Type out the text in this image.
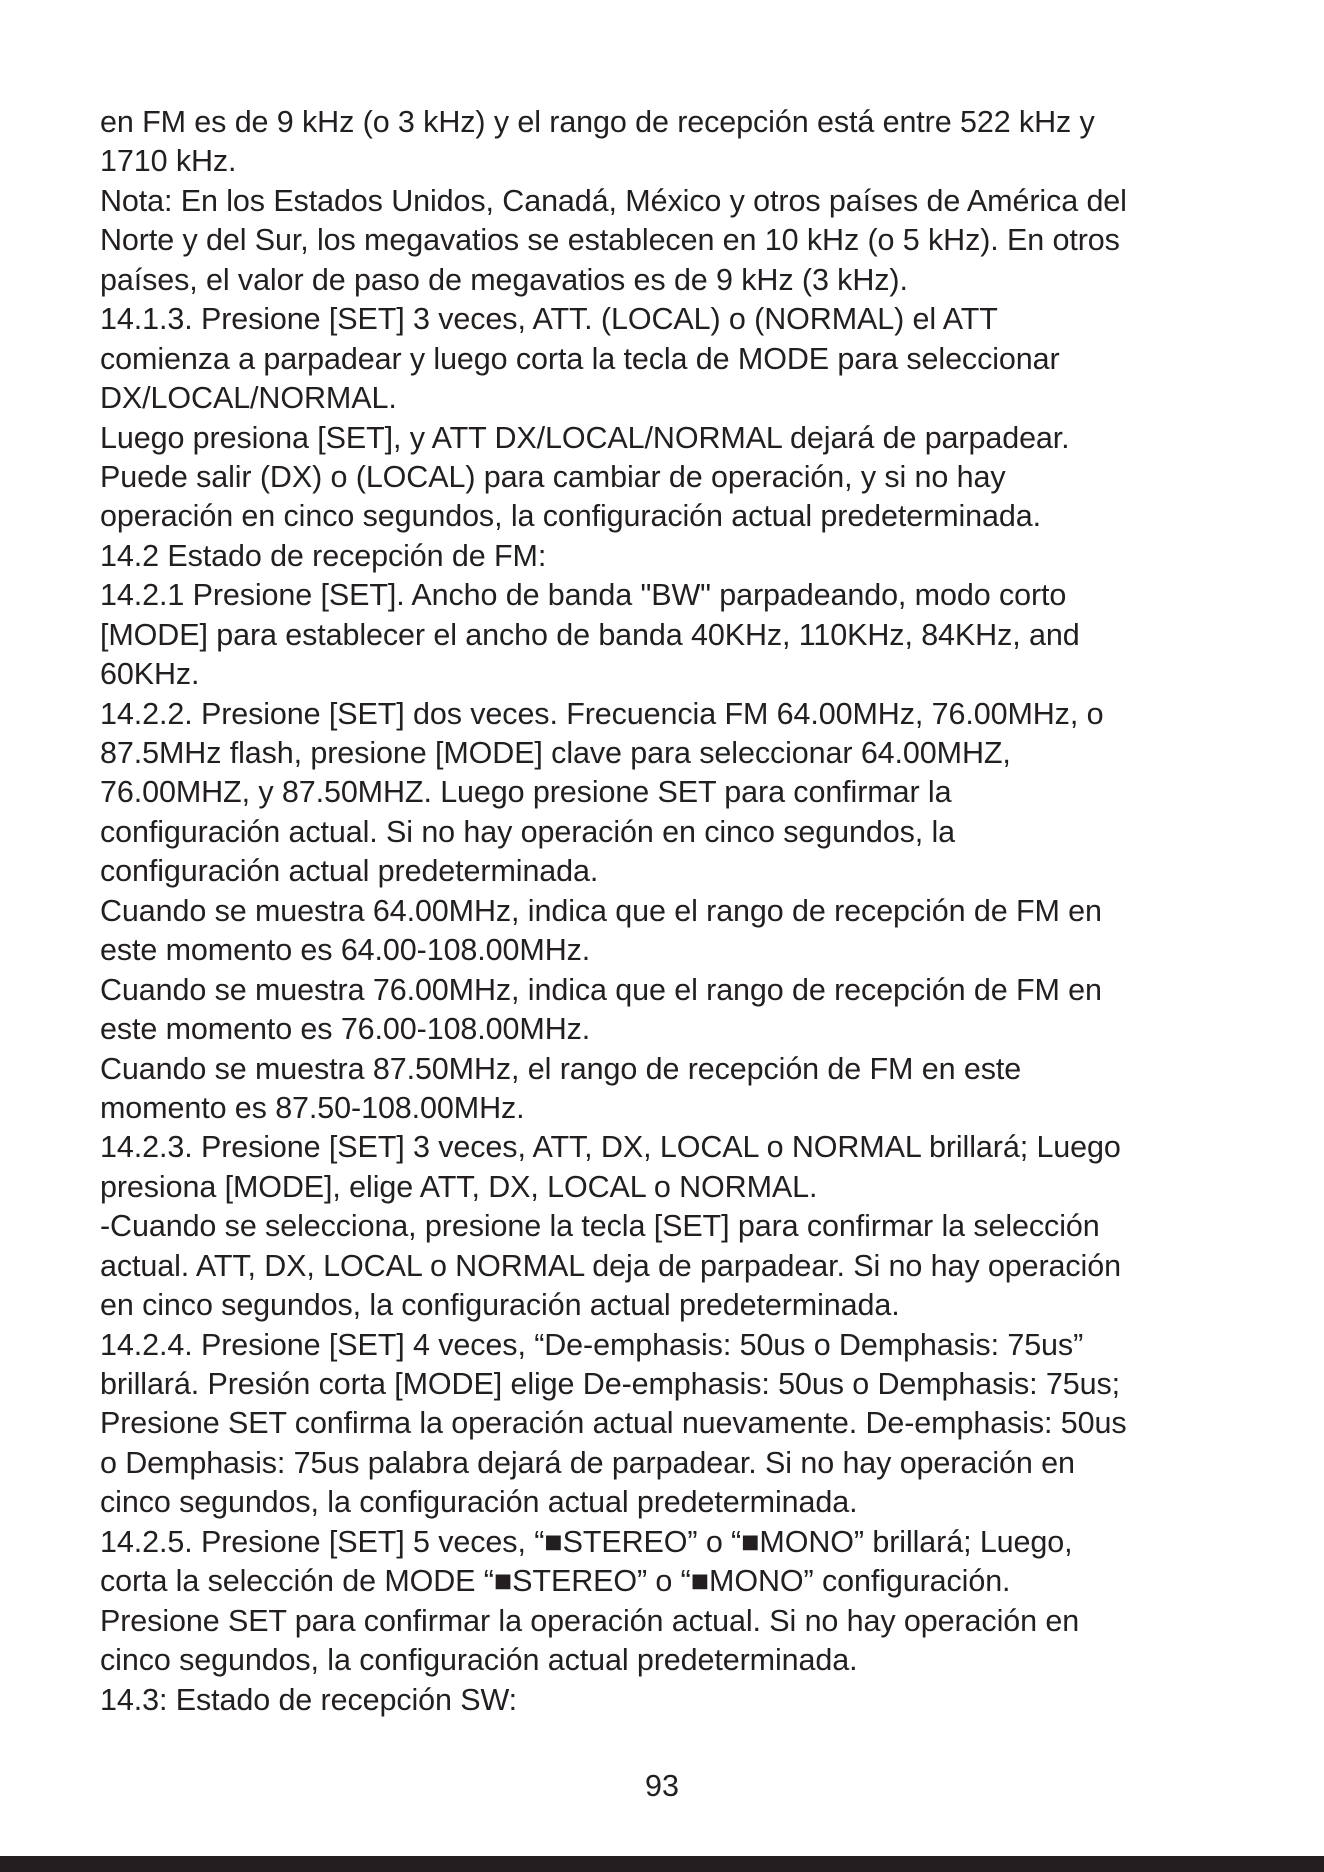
en FM es de 9 kHz (o 3 kHz) y el rango de recepción está entre 522 kHz y
1710 kHz.
Nota: En los Estados Unidos, Canadá, México y otros países de América del
Norte y del Sur, los megavatios se establecen en 10 kHz (o 5 kHz). En otros
países, el valor de paso de megavatios es de 9 kHz (3 kHz).
14.1.3. Presione [SET] 3 veces, ATT. (LOCAL) o (NORMAL) el ATT
comienza a parpadear y luego corta la tecla de MODE para seleccionar
DX/LOCAL/NORMAL.
Luego presiona [SET], y ATT DX/LOCAL/NORMAL dejará de parpadear.
Puede salir (DX) o (LOCAL) para cambiar de operación, y si no hay
operación en cinco segundos, la configuración actual predeterminada.
14.2 Estado de recepción de FM:
14.2.1 Presione [SET]. Ancho de banda "BW" parpadeando, modo corto
[MODE] para establecer el ancho de banda 40KHz, 110KHz, 84KHz, and
60KHz.
14.2.2. Presione [SET] dos veces. Frecuencia FM 64.00MHz, 76.00MHz, o
87.5MHz flash, presione [MODE] clave para seleccionar 64.00MHZ,
76.00MHZ, y 87.50MHZ. Luego presione SET para confirmar la
configuración actual. Si no hay operación en cinco segundos, la
configuración actual predeterminada.
Cuando se muestra 64.00MHz, indica que el rango de recepción de FM en
este momento es 64.00-108.00MHz.
Cuando se muestra 76.00MHz, indica que el rango de recepción de FM en
este momento es 76.00-108.00MHz.
Cuando se muestra 87.50MHz, el rango de recepción de FM en este
momento es 87.50-108.00MHz.
14.2.3. Presione [SET] 3 veces, ATT, DX, LOCAL o NORMAL brillará; Luego
presiona [MODE], elige ATT, DX, LOCAL o NORMAL.
-Cuando se selecciona, presione la tecla [SET] para confirmar la selección
actual. ATT, DX, LOCAL o NORMAL deja de parpadear. Si no hay operación
en cinco segundos, la configuración actual predeterminada.
14.2.4. Presione [SET] 4 veces, “De-emphasis: 50us o Demphasis: 75us”
brillará. Presión corta [MODE] elige De-emphasis: 50us o Demphasis: 75us;
Presione SET confirma la operación actual nuevamente. De-emphasis: 50us
o Demphasis: 75us palabra dejará de parpadear. Si no hay operación en
cinco segundos, la configuración actual predeterminada.
14.2.5. Presione [SET] 5 veces, “■STEREO” o “■MONO” brillará; Luego,
corta la selección de MODE “■STEREO” o “■MONO” configuración.
Presione SET para confirmar la operación actual. Si no hay operación en
cinco segundos, la configuración actual predeterminada.
14.3: Estado de recepción SW:
93
